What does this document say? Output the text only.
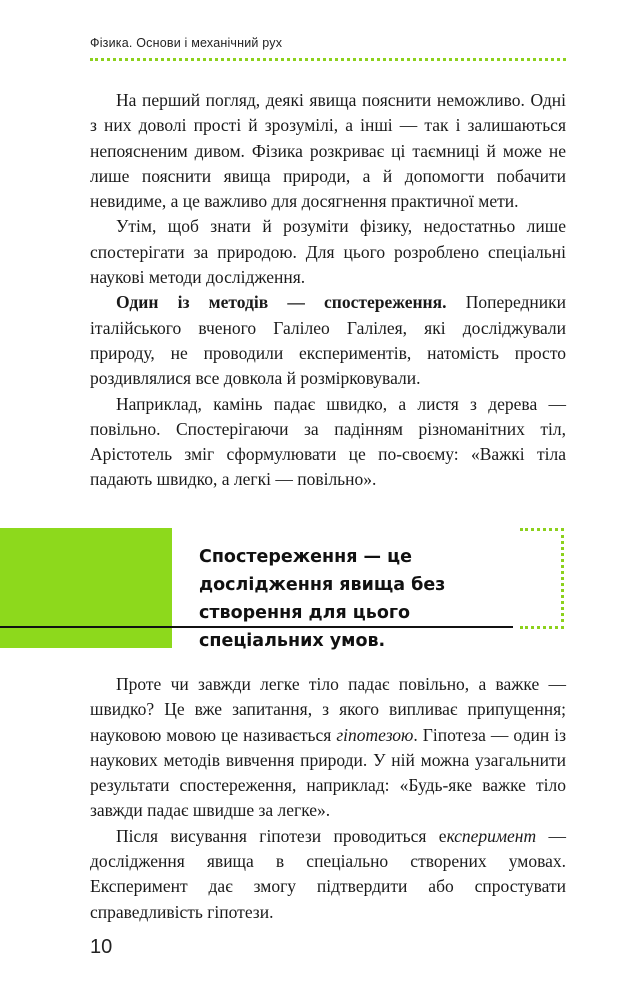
Фізика. Основи і механічний рух

На перший погляд, деякі явища пояснити неможливо. Одні з них доволі прості й зрозумілі, а інші — так і залишаються непоясненим дивом. Фізика розкриває ці таємниці й може не лише пояснити явища природи, а й допомогти побачити невидиме, а це важливо для досягнення практичної мети.

Утім, щоб знати й розуміти фізику, недостатньо лише спостерігати за природою. Для цього розроблено спеціальні наукові методи дослідження.

Один із методів — спостереження. Попередники італійського вченого Галілео Галілея, які досліджували природу, не проводили експериментів, натомість просто роздивлялися все довкола й розмірковували.

Наприклад, камінь падає швидко, а листя з дерева — повільно. Спостерігаючи за падінням різноманітних тіл, Арістотель зміг сформулювати це по-своєму: «Важкі тіла падають швидко, а легкі — повільно».

Спостереження — це дослідження явища без створення для цього спеціальних умов.

Проте чи завжди легке тіло падає повільно, а важке — швидко? Це вже запитання, з якого випливає припущення; науковою мовою це називається гіпотезою. Гіпотеза — один із наукових методів вивчення природи. У ній можна узагальнити результати спостереження, наприклад: «Будь-яке важке тіло завжди падає швидше за легке».

Після висування гіпотези проводиться експеримент — дослідження явища в спеціально створених умовах. Експеримент дає змогу підтвердити або спростувати справедливість гіпотези.

10
